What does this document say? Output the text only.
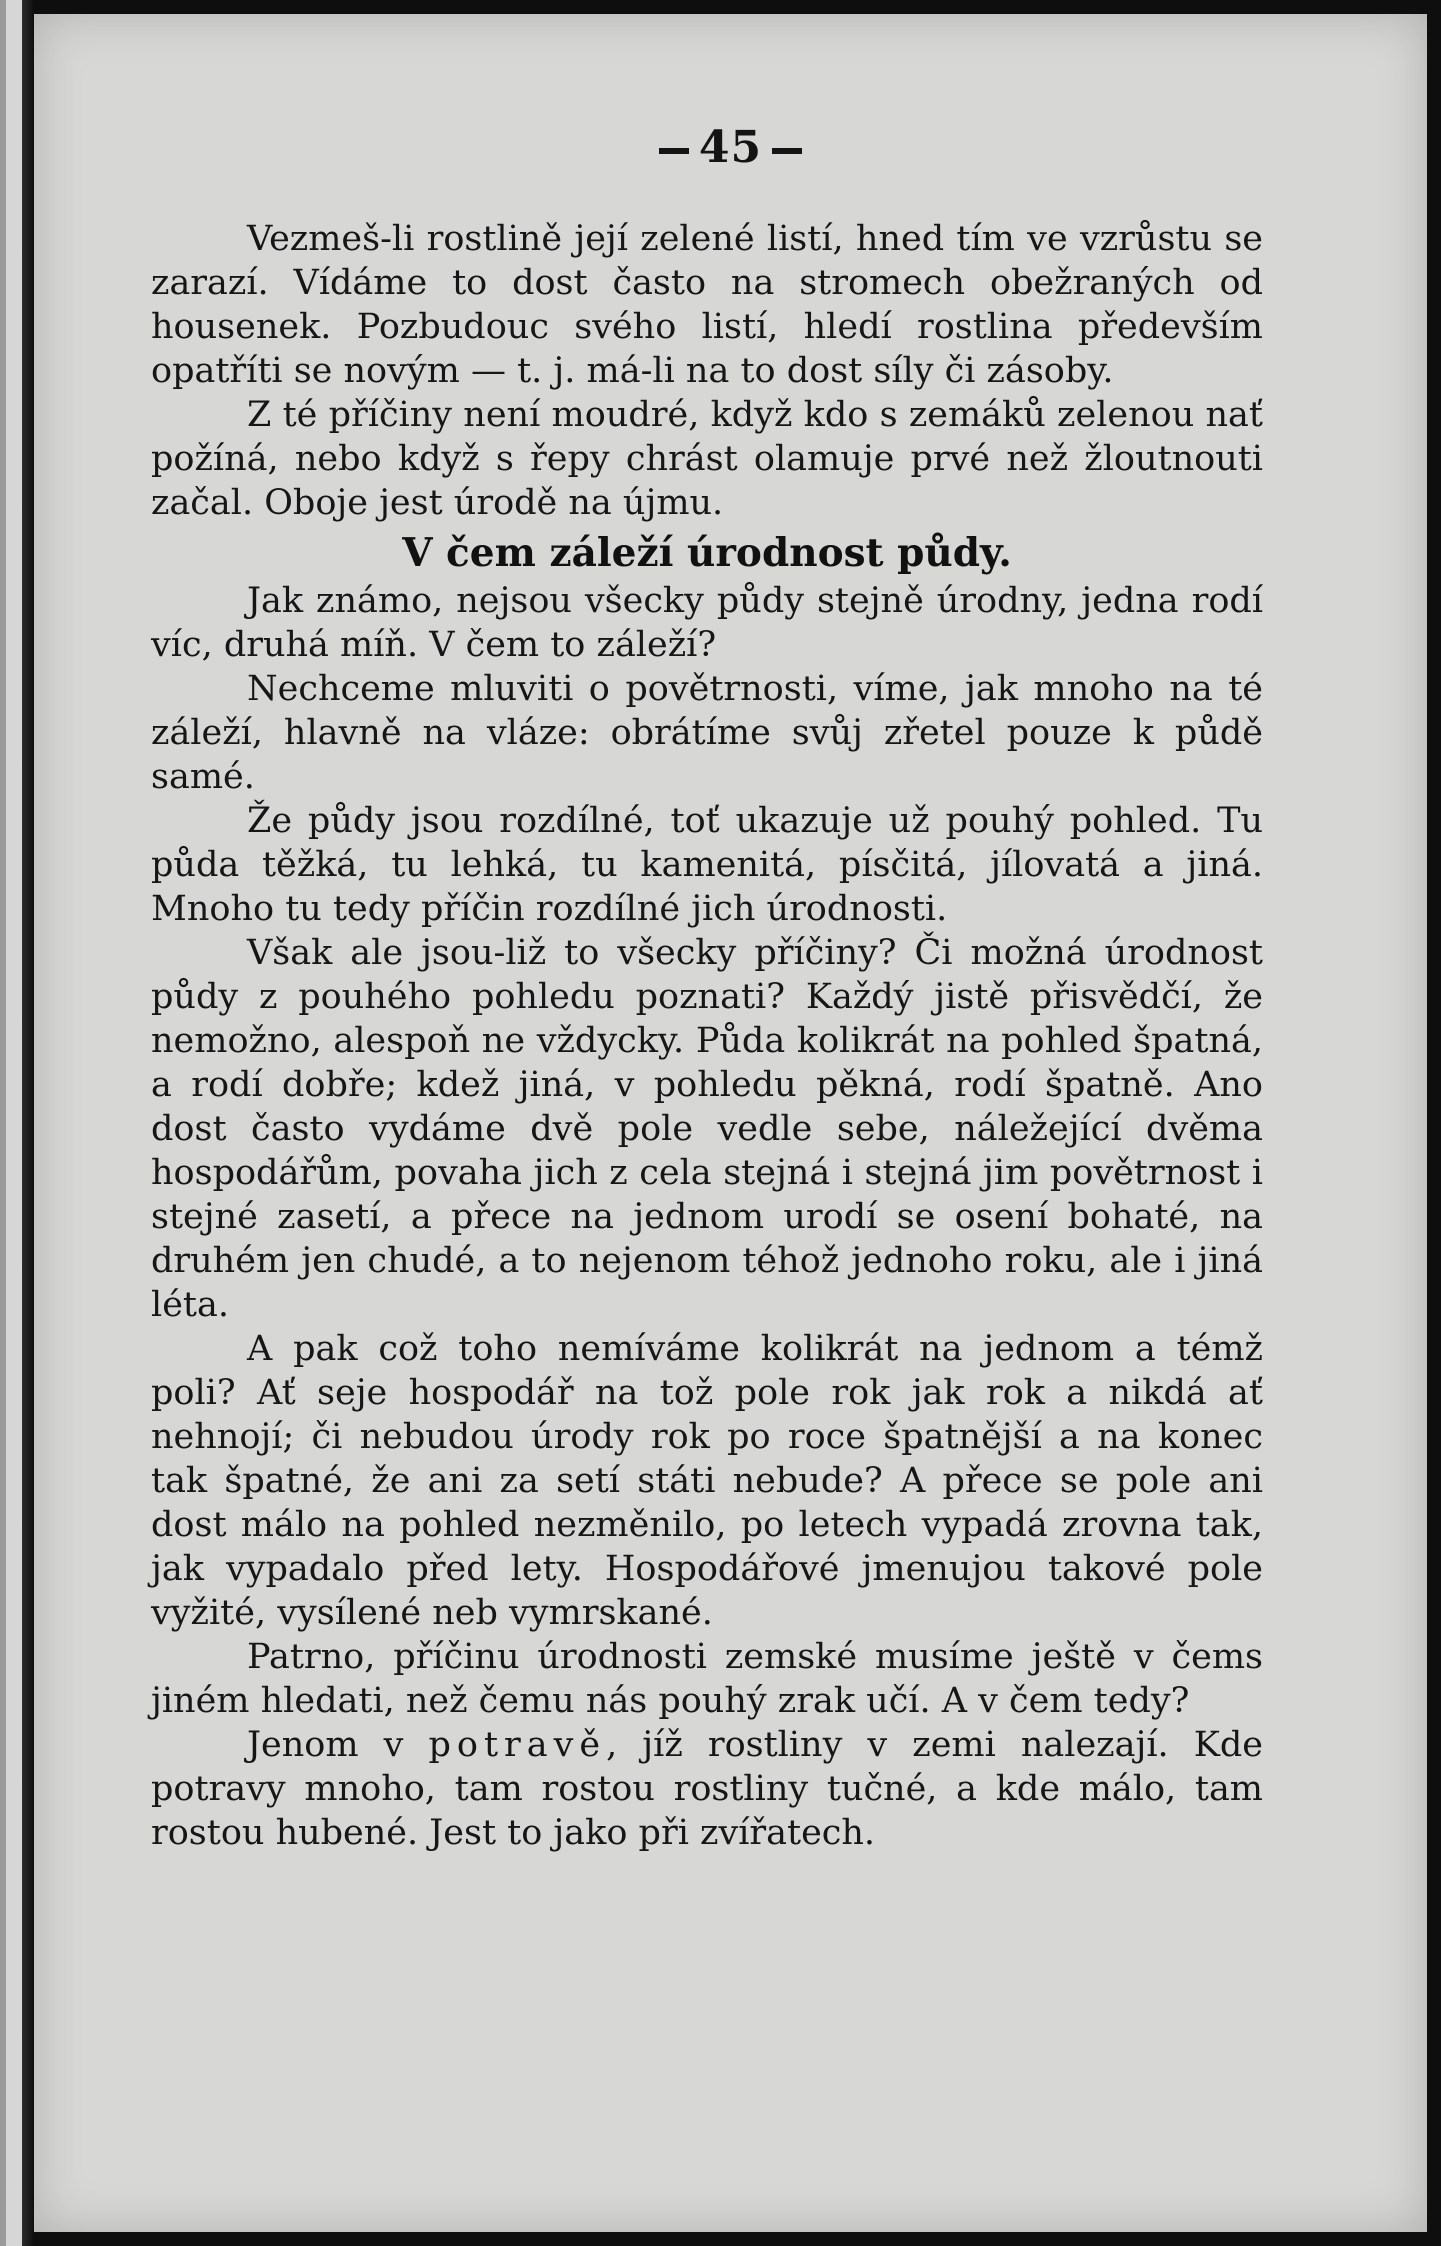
45

Vezmeš-li rostlině její zelené listí, hned tím ve vzrůstu se zarazí. Vídáme to dost často na stromech obežraných od housenek. Pozbudouc svého listí, hledí rostlina především opatříti se novým — t. j. má-li na to dost síly či zásoby.

Z té příčiny není moudré, když kdo s zemáků zelenou nať požíná, nebo když s řepy chrást olamuje prvé než žloutnouti začal. Oboje jest úrodě na újmu.

V čem záleží úrodnost půdy.

Jak známo, nejsou všecky půdy stejně úrodny, jedna rodí víc, druhá míň. V čem to záleží?

Nechceme mluviti o povětrnosti, víme, jak mnoho na té záleží, hlavně na vláze: obrátíme svůj zřetel pouze k půdě samé.

Že půdy jsou rozdílné, toť ukazuje už pouhý pohled. Tu půda těžká, tu lehká, tu kamenitá, písčitá, jílovatá a jiná. Mnoho tu tedy příčin rozdílné jich úrodnosti.

Však ale jsou-liž to všecky příčiny? Či možná úrodnost půdy z pouhého pohledu poznati? Každý jistě přisvědčí, že nemožno, alespoň ne vždycky. Půda kolikrát na pohled špatná, a rodí dobře; kdež jiná, v pohledu pěkná, rodí špatně. Ano dost často vydáme dvě pole vedle sebe, náležející dvěma hospodářům, povaha jich z cela stejná i stejná jim povětrnost i stejné zasetí, a přece na jednom urodí se osení bohaté, na druhém jen chudé, a to nejenom téhož jednoho roku, ale i jiná léta.

A pak což toho nemíváme kolikrát na jednom a témž poli? Ať seje hospodář na tož pole rok jak rok a nikdá ať nehnojí; či nebudou úrody rok po roce špatnější a na konec tak špatné, že ani za setí státi nebude? A přece se pole ani dost málo na pohled nezměnilo, po letech vypadá zrovna tak, jak vypadalo před lety. Hospodářové jmenujou takové pole vyžité, vysílené neb vymrskané.

Patrno, příčinu úrodnosti zemské musíme ještě v čems jiném hledati, než čemu nás pouhý zrak učí. A v čem tedy?

Jenom v potravě, jíž rostliny v zemi nalezají. Kde potravy mnoho, tam rostou rostliny tučné, a kde málo, tam rostou hubené. Jest to jako při zvířatech.
